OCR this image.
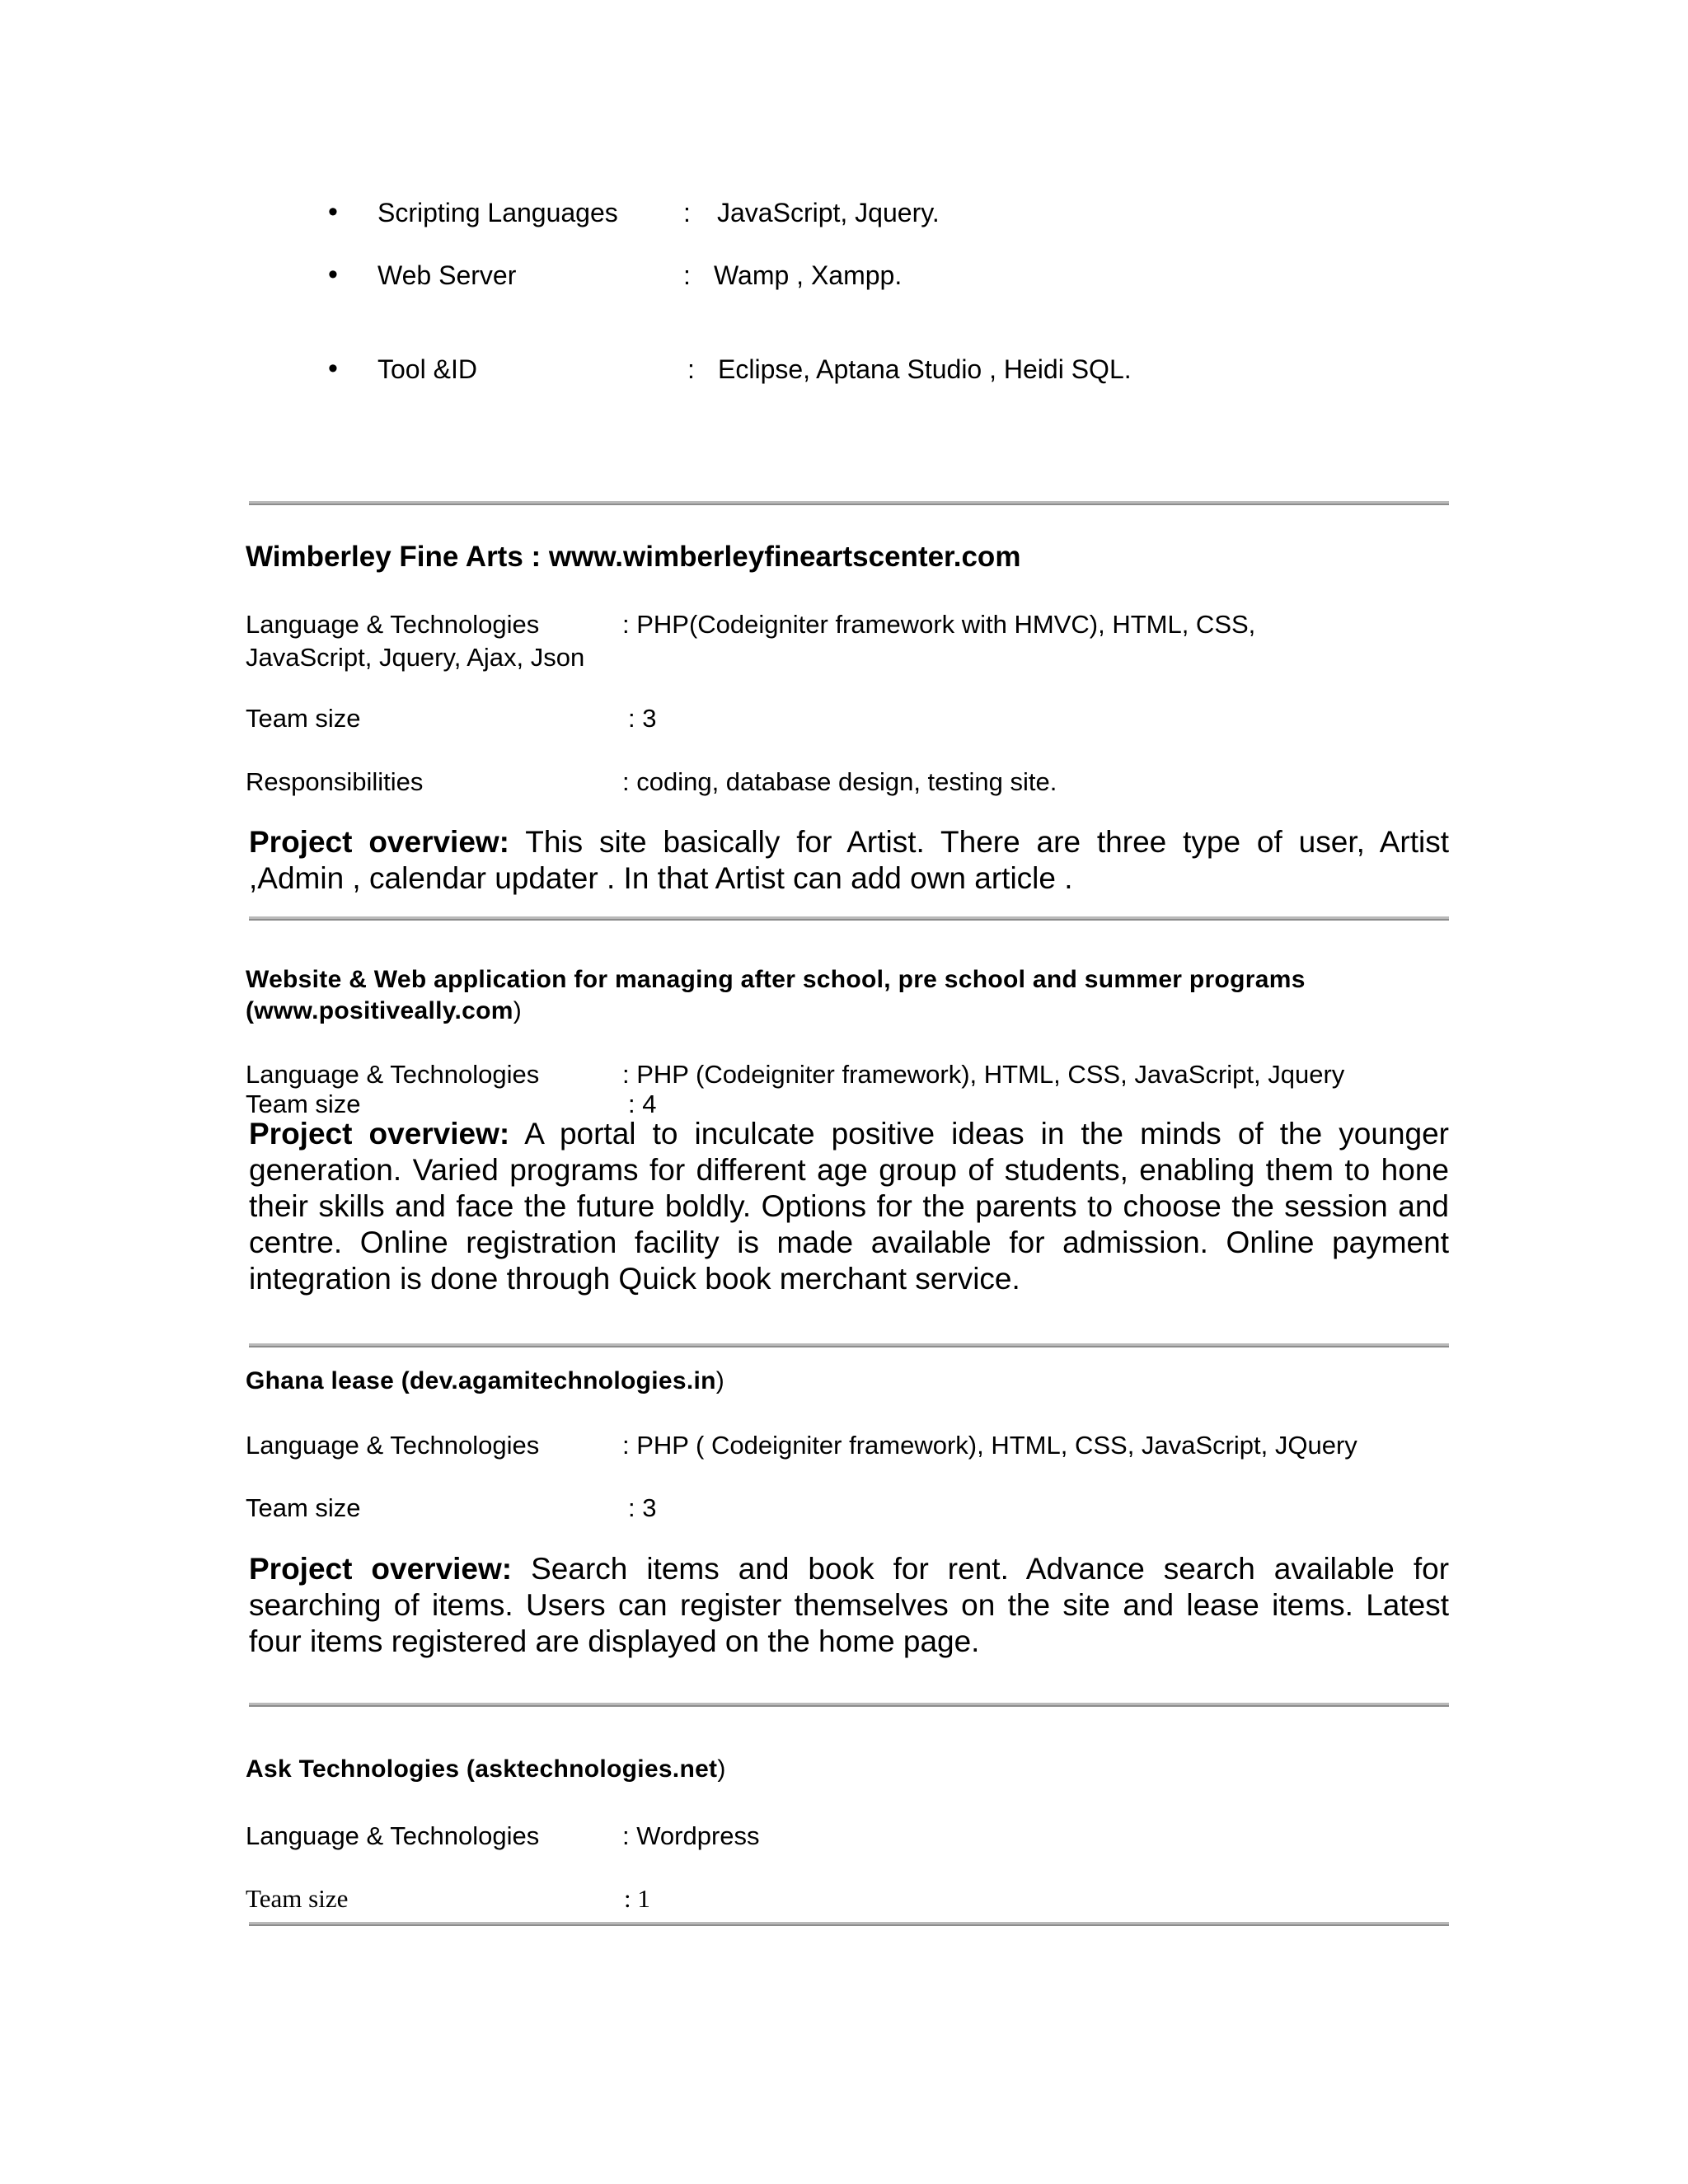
• Scripting Languages : JavaScript, Jquery.
• Web Server	: Wamp , Xampp.
• Tool &ID	: Eclipse, Aptana Studio , Heidi SQL.
Wimberley Fine Arts : www.wimberleyfineartscenter.com
Language & Technologies	: PHP(Codeigniter framework with HMVC), HTML, CSS,
JavaScript, Jquery, Ajax, Json
Team size	: 3
Responsibilities	: coding, database design, testing site.
Project overview: This site basically for Artist. There are three type of user, Artist ,Admin , calendar updater . In that Artist can add own article .
Website & Web application for managing after school, pre school and summer programs
(www.positiveally.com)
Language & Technologies	: PHP (Codeigniter framework), HTML, CSS, JavaScript, Jquery
Team size	: 4
Project overview: A portal to inculcate positive ideas in the minds of the younger generation. Varied programs for different age group of students, enabling them to hone their skills and face the future boldly. Options for the parents to choose the session and centre. Online registration facility is made available for admission. Online payment integration is done through Quick book merchant service.
Ghana lease (dev.agamitechnologies.in)
Language & Technologies	: PHP ( Codeigniter framework), HTML, CSS, JavaScript, JQuery
Team size	: 3
Project overview: Search items and book for rent. Advance search available for searching of items. Users can register themselves on the site and lease items. Latest four items registered are displayed on the home page.
Ask Technologies (asktechnologies.net)
Language & Technologies	: Wordpress
Team size	: 1
